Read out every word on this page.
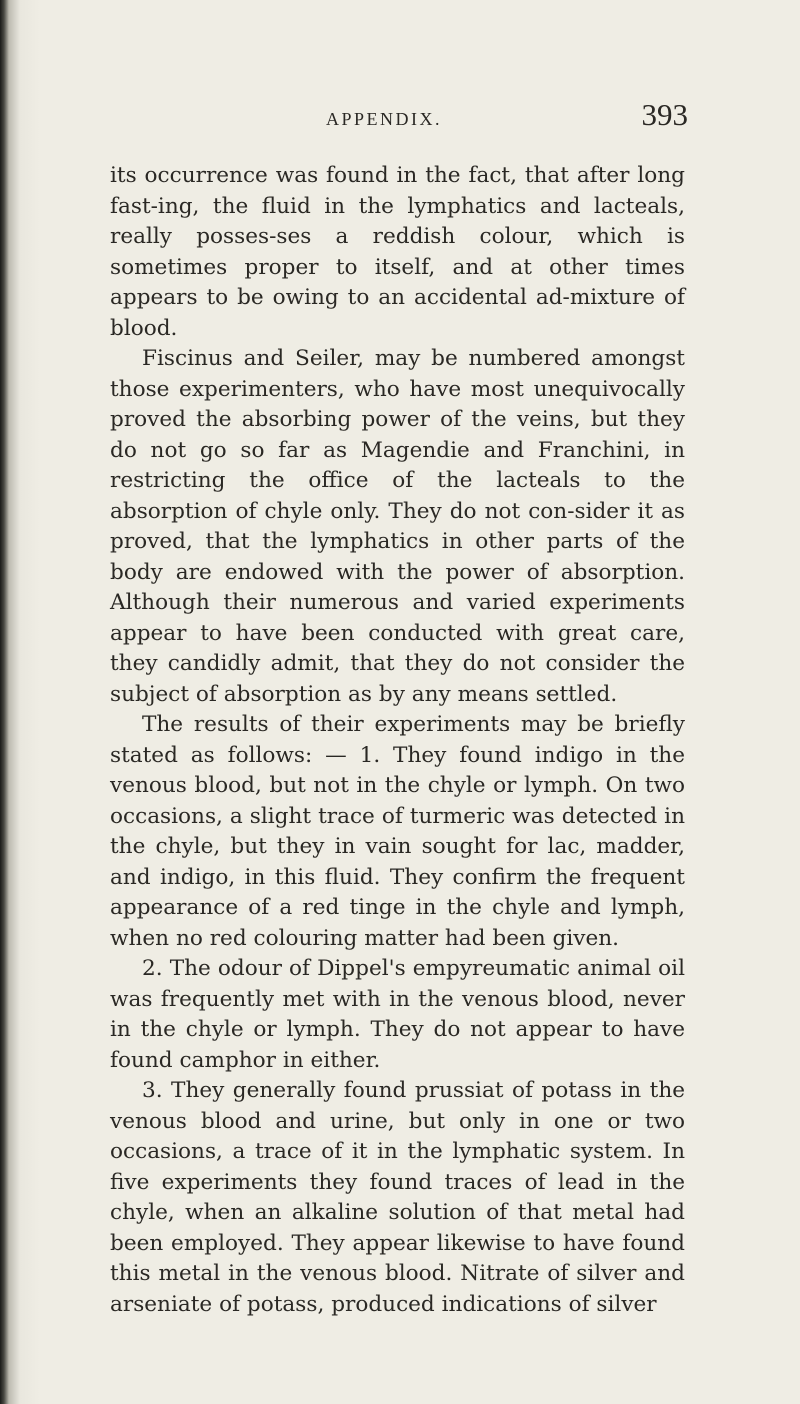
APPENDIX.	393

its occurrence was found in the fact, that after long fast-ing, the fluid in the lymphatics and lacteals, really posses-ses a reddish colour, which is sometimes proper to itself, and at other times appears to be owing to an accidental ad-mixture of blood.

Fiscinus and Seiler, may be numbered amongst those experimenters, who have most unequivocally proved the absorbing power of the veins, but they do not go so far as Magendie and Franchini, in restricting the office of the lacteals to the absorption of chyle only. They do not con-sider it as proved, that the lymphatics in other parts of the body are endowed with the power of absorption. Although their numerous and varied experiments appear to have been conducted with great care, they candidly admit, that they do not consider the subject of absorption as by any means settled.

The results of their experiments may be briefly stated as follows: — 1. They found indigo in the venous blood, but not in the chyle or lymph. On two occasions, a slight trace of turmeric was detected in the chyle, but they in vain sought for lac, madder, and indigo, in this fluid. They confirm the frequent appearance of a red tinge in the chyle and lymph, when no red colouring matter had been given.

2. The odour of Dippel's empyreumatic animal oil was frequently met with in the venous blood, never in the chyle or lymph. They do not appear to have found camphor in either.

3. They generally found prussiat of potass in the venous blood and urine, but only in one or two occasions, a trace of it in the lymphatic system. In five experiments they found traces of lead in the chyle, when an alkaline solution of that metal had been employed. They appear likewise to have found this metal in the venous blood. Nitrate of silver and arseniate of potass, produced indications of silver
